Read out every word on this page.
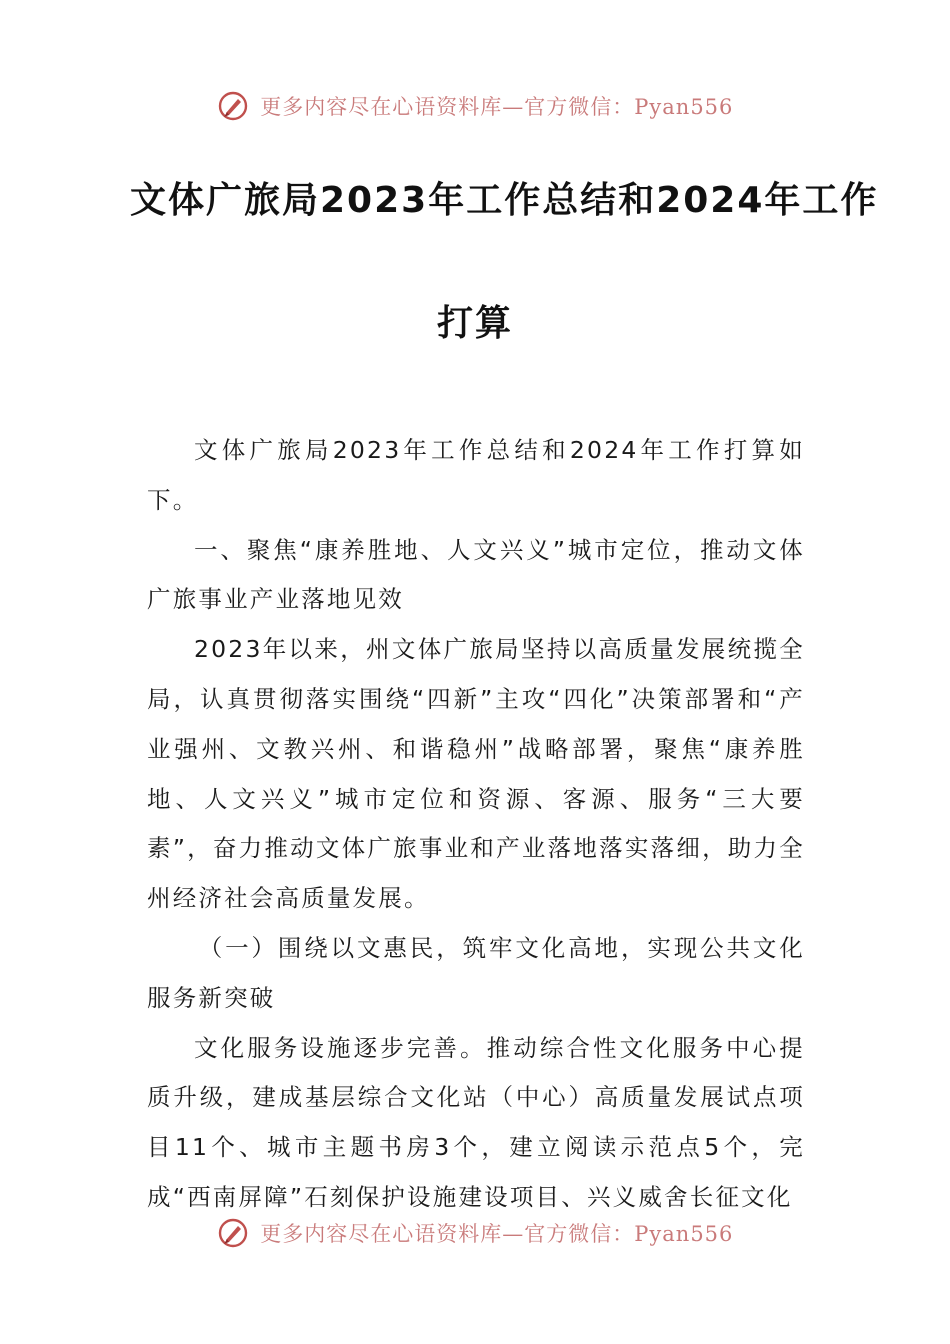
更多内容尽在心语资料库—官方微信：Pyan556
文体广旅局2023年工作总结和2024年工作
打算

文体广旅局2023年工作总结和2024年工作打算如下。

一、聚焦“康养胜地、人文兴义”城市定位，推动文体广旅事业产业落地见效

2023年以来，州文体广旅局坚持以高质量发展统揽全局，认真贯彻落实围绕“四新”主攻“四化”决策部署和“产业强州、文教兴州、和谐稳州”战略部署，聚焦“康养胜地、人文兴义”城市定位和资源、客源、服务“三大要素”，奋力推动文体广旅事业和产业落地落实落细，助力全州经济社会高质量发展。

（一）围绕以文惠民，筑牢文化高地，实现公共文化服务新突破

文化服务设施逐步完善。推动综合性文化服务中心提质升级，建成基层综合文化站（中心）高质量发展试点项目11个、城市主题书房3个，建立阅读示范点5个，完成“西南屏障”石刻保护设施建设项目、兴义威舍长征文化

更多内容尽在心语资料库—官方微信：Pyan556
